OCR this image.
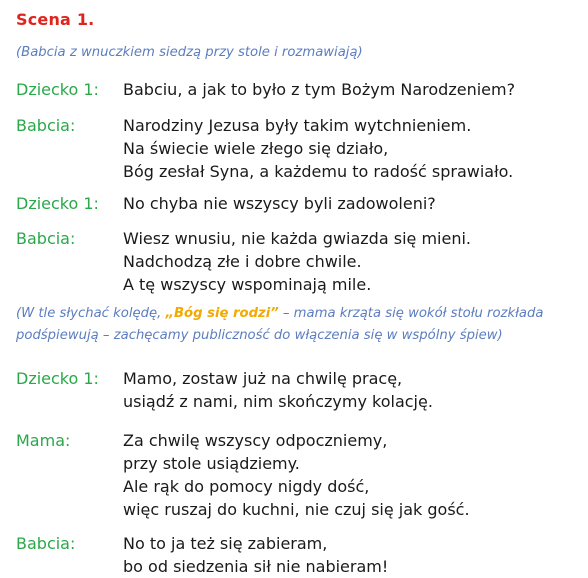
Scena 1.
(Babcia z wnuczkiem siedzą przy stole i rozmawiają)
Dziecko 1: Babciu, a jak to było z tym Bożym Narodzeniem?
Babcia:	Narodziny Jezusa były takim wytchnieniem.
Na świecie wiele złego się działo,
Bóg zesłał Syna, a każdemu to radość sprawiało.
Dziecko 1: No chyba nie wszyscy byli zadowoleni?
Babcia:	Wiesz wnusiu, nie każda gwiazda się mieni.
Nadchodzą złe i dobre chwile.
A tę wszyscy wspominają mile.
(W tle słychać kolędę, „Bóg się rodzi” – mama krząta się wokół stołu rozkłada
podśpiewują – zachęcamy publiczność do włączenia się w wspólny śpiew)
Dziecko 1: Mamo, zostaw już na chwilę pracę,
usiądź z nami, nim skończymy kolację.
Mama:	Za chwilę wszyscy odpoczniemy,
przy stole usiądziemy.
Ale rąk do pomocy nigdy dość,
więc ruszaj do kuchni, nie czuj się jak gość.
Babcia:	No to ja też się zabieram,
bo od siedzenia sił nie nabieram!
